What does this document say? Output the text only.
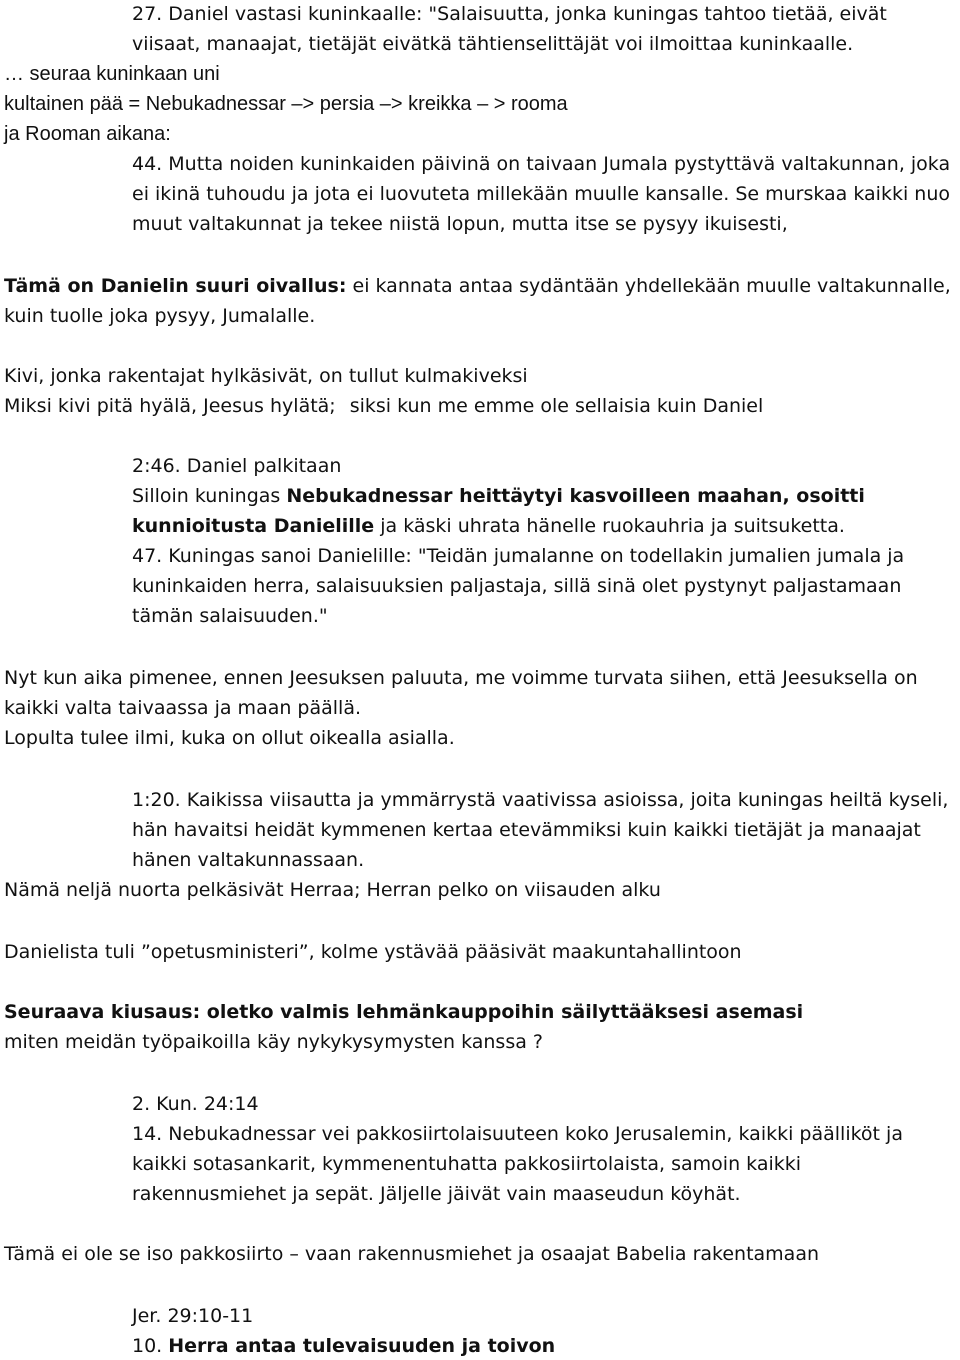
27. Daniel vastasi kuninkaalle: "Salaisuutta, jonka kuningas tahtoo tietää, eivät
viisaat, manaajat, tietäjät eivätkä tähtienselittäjät voi ilmoittaa kuninkaalle.
… seuraa kuninkaan uni
kultainen pää = Nebukadnessar –> persia –> kreikka – > rooma
ja Rooman aikana:
44. Mutta noiden kuninkaiden päivinä on taivaan Jumala pystyttävä valtakunnan, joka
ei ikinä tuhoudu ja jota ei luovuteta millekään muulle kansalle. Se murskaa kaikki nuo
muut valtakunnat ja tekee niistä lopun, mutta itse se pysyy ikuisesti,
Tämä on Danielin suuri oivallus: ei kannata antaa sydäntään yhdellekään muulle valtakunnalle,
kuin tuolle joka pysyy, Jumalalle.
Kivi, jonka rakentajat hylkäsivät, on tullut kulmakiveksi
Miksi kivi pitä hyälä, Jeesus hylätä; siksi kun me emme ole sellaisia kuin Daniel
2:46. Daniel palkitaan
Silloin kuningas Nebukadnessar heittäytyi kasvoilleen maahan, osoitti
kunnioitusta Danielille ja käski uhrata hänelle ruokauhria ja suitsuketta.
47. Kuningas sanoi Danielille: "Teidän jumalanne on todellakin jumalien jumala ja
kuninkaiden herra, salaisuuksien paljastaja, sillä sinä olet pystynyt paljastamaan
tämän salaisuuden."
Nyt kun aika pimenee, ennen Jeesuksen paluuta, me voimme turvata siihen, että Jeesuksella on
kaikki valta taivaassa ja maan päällä.
Lopulta tulee ilmi, kuka on ollut oikealla asialla.
1:20. Kaikissa viisautta ja ymmärrystä vaativissa asioissa, joita kuningas heiltä kyseli,
hän havaitsi heidät kymmenen kertaa etevämmiksi kuin kaikki tietäjät ja manaajat
hänen valtakunnassaan.
Nämä neljä nuorta pelkäsivät Herraa; Herran pelko on viisauden alku
Danielista tuli ”opetusministeri”, kolme ystävää pääsivät maakuntahallintoon
Seuraava kiusaus: oletko valmis lehmänkauppoihin säilyttääksesi asemasi
miten meidän työpaikoilla käy nykykysymysten kanssa ?
2. Kun. 24:14
14. Nebukadnessar vei pakkosiirtolaisuuteen koko Jerusalemin, kaikki päälliköt ja
kaikki sotasankarit, kymmenentuhatta pakkosiirtolaista, samoin kaikki
rakennusmiehet ja sepät. Jäljelle jäivät vain maaseudun köyhät.
Tämä ei ole se iso pakkosiirto – vaan rakennusmiehet ja osaajat Babelia rakentamaan
Jer. 29:10-11
10. Herra antaa tulevaisuuden ja toivon
